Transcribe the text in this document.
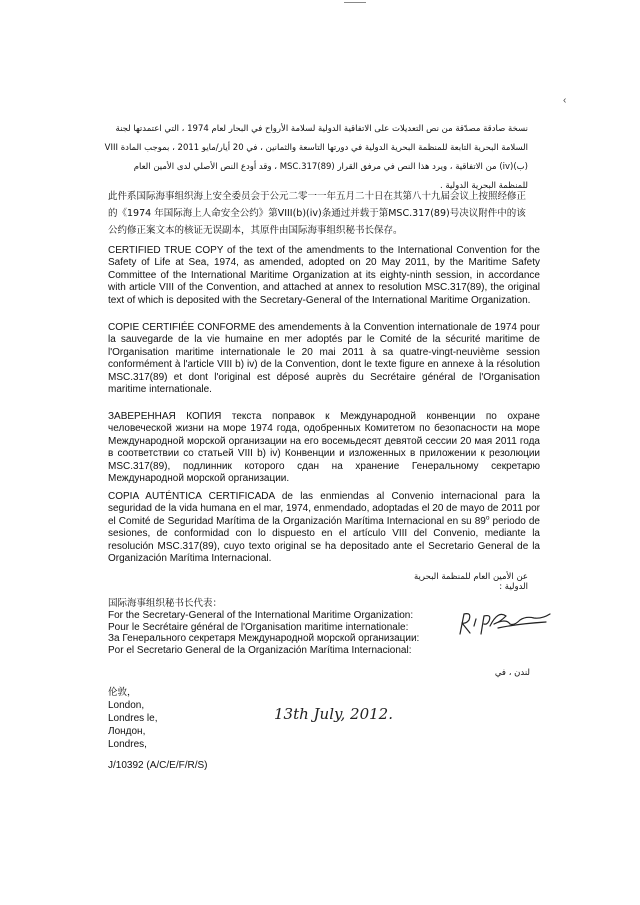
‹
نسخة صادقة مصدّقة من نص التعديلات على الاتفاقية الدولية لسلامة الأرواح في البحار لعام 1974 ، التي اعتمدتها لجنة السلامة البحرية التابعة للمنظمة البحرية الدولية في دورتها التاسعة والثمانين ، في 20 أيار/مايو 2011 ، بموجب المادة VIII (ب)(iv) من الاتفاقية ، ويرد هذا النص في مرفق القرار MSC.317(89) ، وقد أودع النص الأصلي لدى الأمين العام للمنظمة البحرية الدولية .
此件系国际海事组织海上安全委员会于公元二零一一年五月二十日在其第八十九届会议上按照经修正的《1974 年国际海上人命安全公约》第VIII(b)(iv)条通过并载于第MSC.317(89)号决议附件中的该公约修正案文本的核证无误副本，其原件由国际海事组织秘书长保存。
CERTIFIED TRUE COPY of the text of the amendments to the International Convention for the Safety of Life at Sea, 1974, as amended, adopted on 20 May 2011, by the Maritime Safety Committee of the International Maritime Organization at its eighty-ninth session, in accordance with article VIII of the Convention, and attached at annex to resolution MSC.317(89), the original text of which is deposited with the Secretary-General of the International Maritime Organization.
COPIE CERTIFIÉE CONFORME des amendements à la Convention internationale de 1974 pour la sauvegarde de la vie humaine en mer adoptés par le Comité de la sécurité maritime de l'Organisation maritime internationale le 20 mai 2011 à sa quatre-vingt-neuvième session conformément à l'article VIII b) iv) de la Convention, dont le texte figure en annexe à la résolution MSC.317(89) et dont l'original est déposé auprès du Secrétaire général de l'Organisation maritime internationale.
ЗАВЕРЕННАЯ КОПИЯ текста поправок к Международной конвенции по охране человеческой жизни на море 1974 года, одобренных Комитетом по безопасности на море Международной морской организации на его восемьдесят девятой сессии 20 мая 2011 года в соответствии со статьей VIII b) iv) Конвенции и изложенных в приложении к резолюции MSC.317(89), подлинник которого сдан на хранение Генеральному секретарю Международной морской организации.
COPIA AUTÉNTICA CERTIFICADA de las enmiendas al Convenio internacional para la seguridad de la vida humana en el mar, 1974, enmendado, adoptadas el 20 de mayo de 2011 por el Comité de Seguridad Marítima de la Organización Marítima Internacional en su 89$^o$ periodo de sesiones, de conformidad con lo dispuesto en el artículo VIII del Convenio, mediante la resolución MSC.317(89), cuyo texto original se ha depositado ante el Secretario General de la Organización Marítima Internacional.
عن الأمين العام للمنظمة البحرية الدولية :
国际海事组织秘书长代表：
For the Secretary-General of the International Maritime Organization:
Pour le Secrétaire général de l'Organisation maritime internationale:
За Генерального секретаря Международной морской организации:
Por el Secretario General de la Organización Marítima Internacional:
لندن ، في
伦敦，
London,
Londres le,
Лондон,
Londres,
13th July, 2012.
J/10392 (A/C/E/F/R/S)
